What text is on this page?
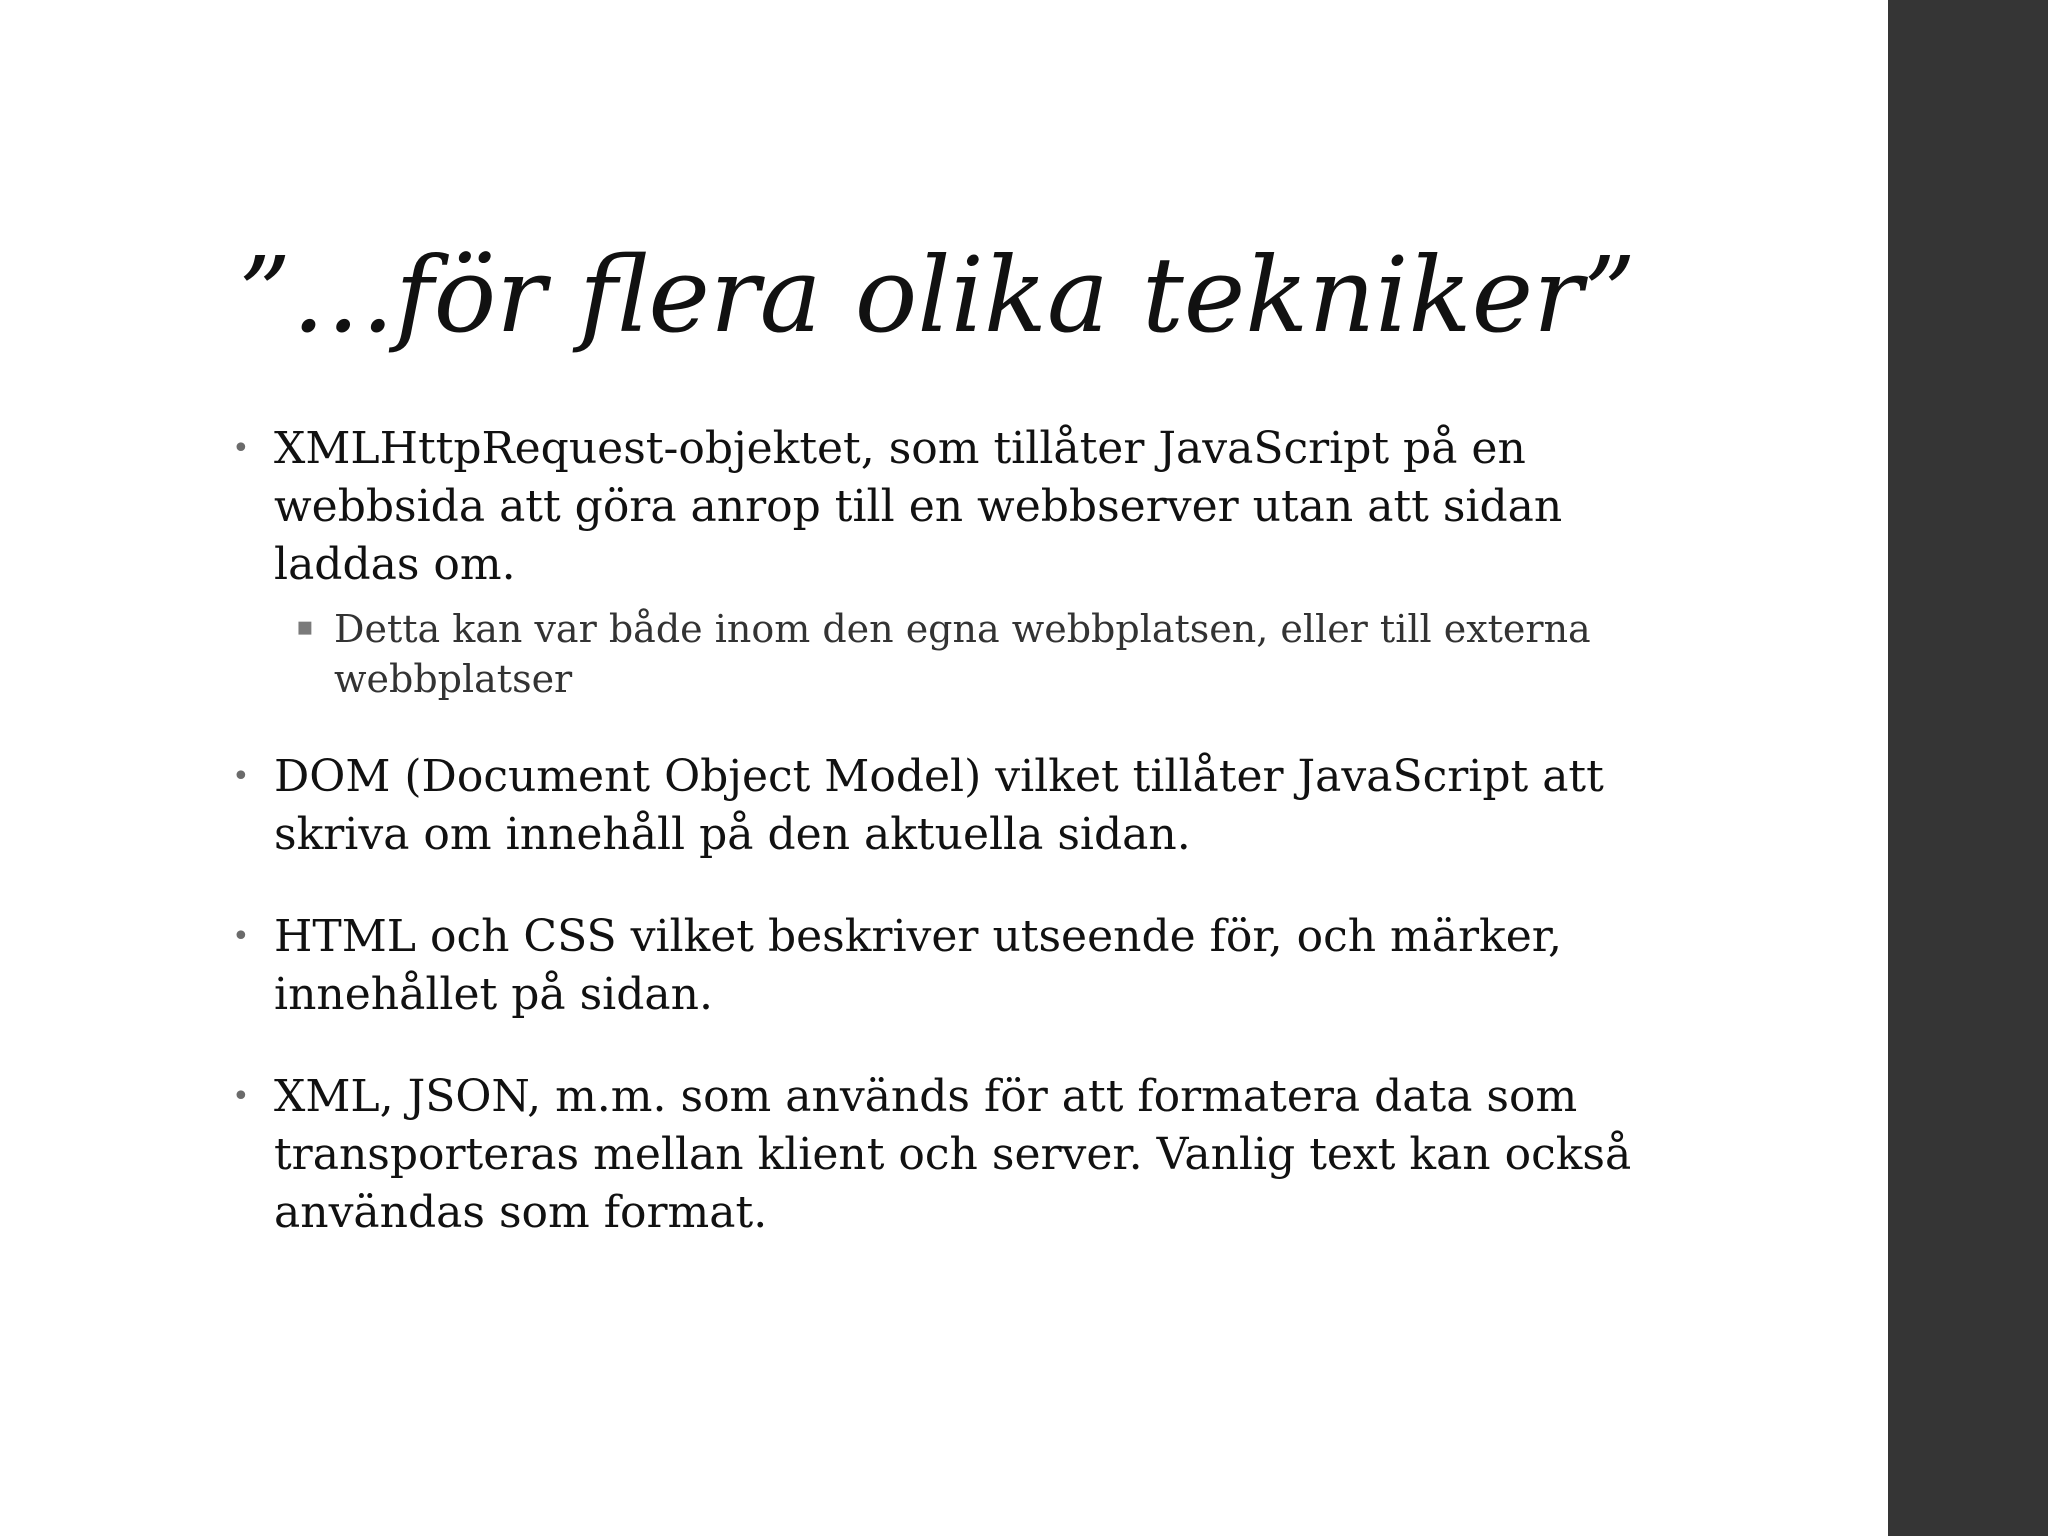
”…för flera olika tekniker”
• XMLHttpRequest-objektet, som tillåter JavaScript på en webbsida att göra anrop till en webbserver utan att sidan laddas om.
▪ Detta kan var både inom den egna webbplatsen, eller till externa webbplatser
• DOM (Document Object Model) vilket tillåter JavaScript att skriva om innehåll på den aktuella sidan.
• HTML och CSS vilket beskriver utseende för, och märker, innehållet på sidan.
• XML, JSON, m.m. som används för att formatera data som transporteras mellan klient och server. Vanlig text kan också användas som format.
